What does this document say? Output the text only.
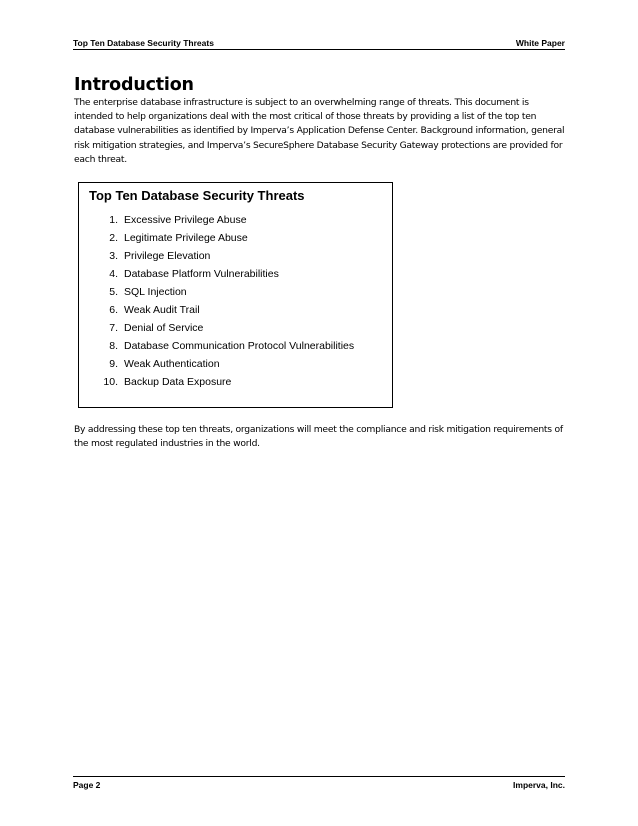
Top Ten Database Security Threats	White Paper
Introduction

The enterprise database infrastructure is subject to an overwhelming range of threats. This document is intended to help organizations deal with the most critical of those threats by providing a list of the top ten database vulnerabilities as identified by Imperva’s Application Defense Center. Background information, general risk mitigation strategies, and Imperva’s SecureSphere Database Security Gateway protections are provided for each threat.

Top Ten Database Security Threats
1. Excessive Privilege Abuse
2. Legitimate Privilege Abuse
3. Privilege Elevation
4. Database Platform Vulnerabilities
5. SQL Injection
6. Weak Audit Trail
7. Denial of Service
8. Database Communication Protocol Vulnerabilities
9. Weak Authentication
10. Backup Data Exposure

By addressing these top ten threats, organizations will meet the compliance and risk mitigation requirements of the most regulated industries in the world.

Page 2	Imperva, Inc.
